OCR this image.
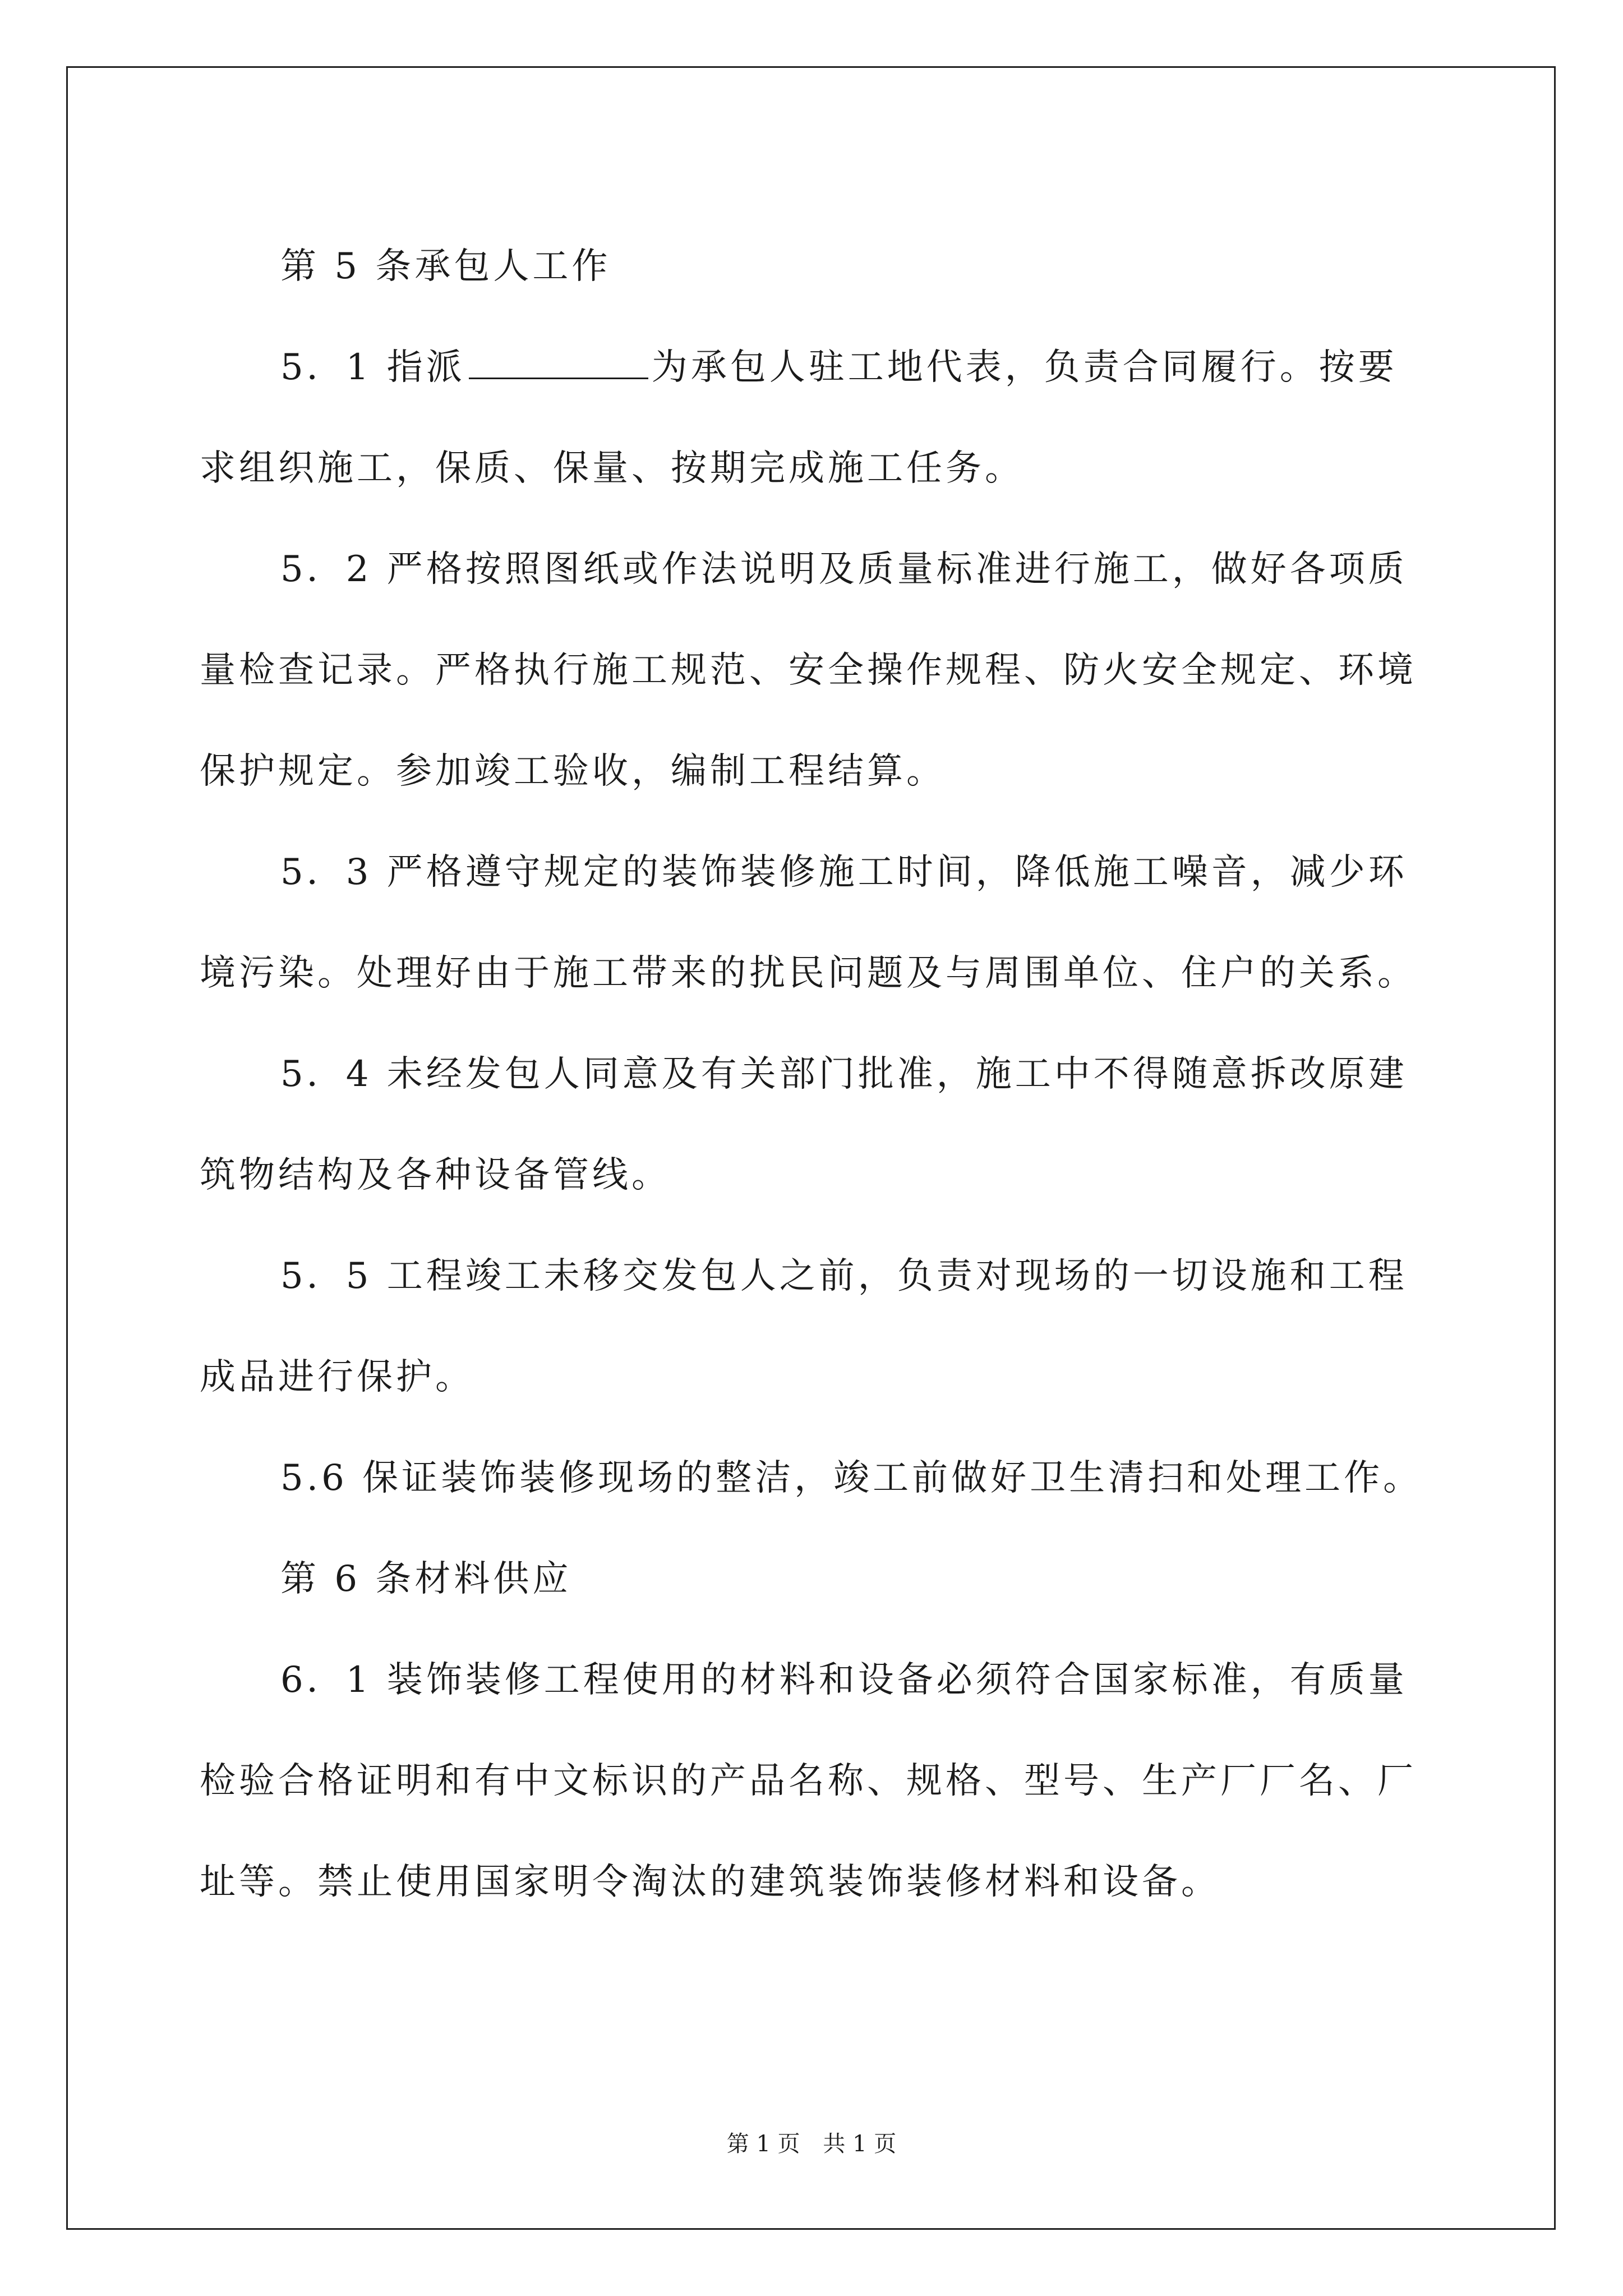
第 5 条承包人工作

5．1 指派	为承包人驻工地代表，负责合同履行。按要求组织施工，保质、保量、按期完成施工任务。

5．2 严格按照图纸或作法说明及质量标准进行施工，做好各项质量检查记录。严格执行施工规范、安全操作规程、防火安全规定、环境保护规定。参加竣工验收，编制工程结算。

5．3 严格遵守规定的装饰装修施工时间，降低施工噪音，减少环境污染。处理好由于施工带来的扰民问题及与周围单位、住户的关系。

5．4 未经发包人同意及有关部门批准，施工中不得随意拆改原建筑物结构及各种设备管线。

5．5 工程竣工未移交发包人之前，负责对现场的一切设施和工程成品进行保护。

5.6 保证装饰装修现场的整洁，竣工前做好卫生清扫和处理工作。

第 6 条材料供应

6．1 装饰装修工程使用的材料和设备必须符合国家标准，有质量检验合格证明和有中文标识的产品名称、规格、型号、生产厂厂名、厂址等。禁止使用国家明令淘汰的建筑装饰装修材料和设备。

第 1 页 共 1 页
